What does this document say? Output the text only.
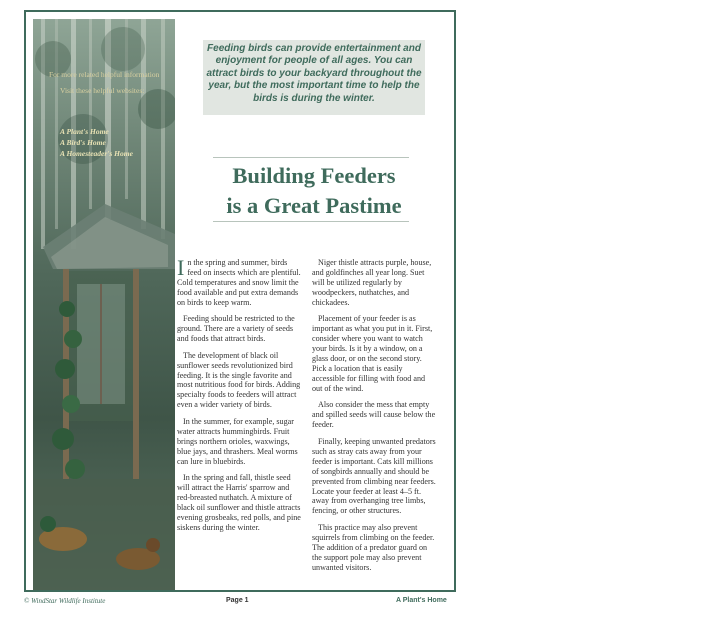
For more related helpful information
Visit these helpful websites:
A Plant's Home
A Bird's Home
A Homesteader's Home

Feeding birds can provide entertainment and enjoyment for people of all ages. You can attract birds to your backyard throughout the year, but the most important time to help the birds is during the winter.

Building Feeders
is a Great Pastime

In the spring and summer, birds feed on insects which are plentiful. Cold temperatures and snow limit the food available and put extra demands on birds to keep warm.

Feeding should be restricted to the ground. There are a variety of seeds and foods that attract birds.

The development of black oil sunflower seeds revolutionized bird feeding. It is the single favorite and most nutritious food for birds. Adding specialty foods to feeders will attract even a wider variety of birds.

In the summer, for example, sugar water attracts hummingbirds. Fruit brings northern orioles, waxwings, blue jays, and thrashers. Meal worms can lure in bluebirds.

In the spring and fall, thistle seed will attract the Harris' sparrow and red-breasted nuthatch. A mixture of black oil sunflower and thistle attracts evening grosbeaks, red polls, and pine siskens during the winter.

Niger thistle attracts purple, house, and goldfinches all year long. Suet will be utilized regularly by woodpeckers, nuthatches, and chickadees.

Placement of your feeder is as important as what you put in it. First, consider where you want to watch your birds. Is it by a window, on a glass door, or on the second story. Pick a location that is easily accessible for filling with food and out of the wind.

Also consider the mess that empty and spilled seeds will cause below the feeder.

Finally, keeping unwanted predators such as stray cats away from your feeder is important. Cats kill millions of songbirds annually and should be prevented from climbing near feeders. Locate your feeder at least 4–5 ft. away from overhanging tree limbs, fencing, or other structures.

This practice may also prevent squirrels from climbing on the feeder. The addition of a predator guard on the support pole may also prevent unwanted visitors.

© WindStar Wildlife Institute	Page 1	A Plant's Home
